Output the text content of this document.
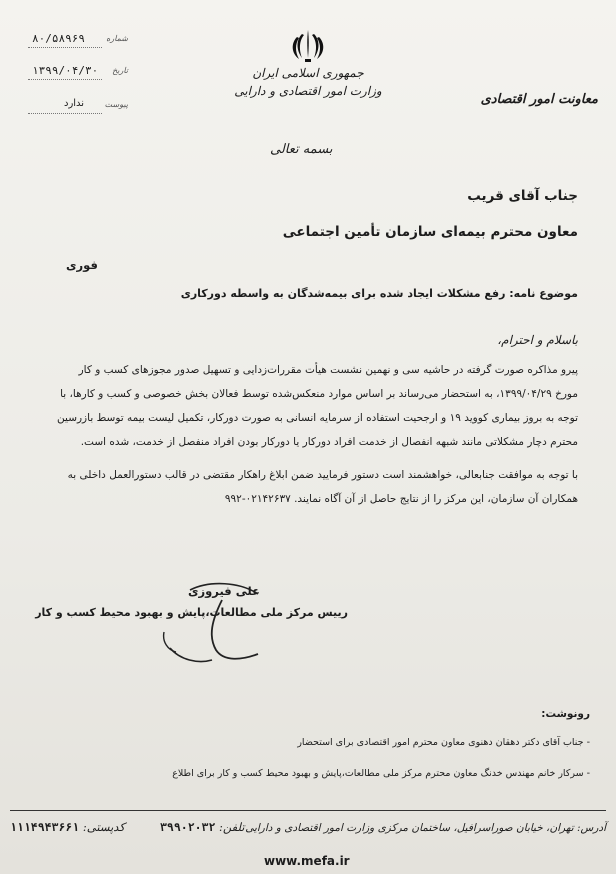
۸۰/۵۸۹۶۹	شماره
۱۳۹۹/۰۴/۳۰ تاریخ
ندارد	پیوست
جمهوری اسلامی ایران
وزارت امور اقتصادی و دارایی
معاونت امور اقتصادی
بسمه تعالی
جناب آقای قریب
معاون محترم بیمه‌ای سازمان تأمین اجتماعی
فوری
موضوع نامه: رفع مشکلات ایجاد شده برای بیمه‌شدگان به واسطه دورکاری
باسلام و احترام،
پیرو مذاکره صورت گرفته در حاشیه سی و نهمین نشست هیأت مقررات‌زدایی و تسهیل صدور مجوزهای کسب و کار
مورخ ۱۳۹۹/۰۴/۲۹، به استحضار می‌رساند بر اساس موارد منعکس‌شده توسط فعالان بخش خصوصی و کسب و کارها، با
توجه به بروز بیماری کووید ۱۹ و ارجحیت استفاده از سرمایه انسانی به صورت دورکار، تکمیل لیست بیمه توسط بازرسین
محترم دچار مشکلاتی مانند شبهه انفصال از خدمت افراد دورکار یا دورکار بودن افراد منفصل از خدمت، شده است.
با توجه به موافقت جنابعالی، خواهشمند است دستور فرمایید ضمن ابلاغ راهکار مقتضی در قالب دستورالعمل داخلی به
همکاران آن سازمان، این مرکز را از نتایج حاصل از آن آگاه نمایند. ۰۲۱۴۲۶۳۷-۹۹۲
علی فیروزی
رییس مرکز ملی مطالعات،پایش و بهبود محیط کسب و کار
رونوشت:
- جناب آقای دکتر دهقان دهنوی معاون محترم امور اقتصادی برای استحضار
- سرکار خانم مهندس خدنگ معاون محترم مرکز ملی مطالعات،پایش و بهبود محیط کسب و کار برای اطلاع
آدرس: تهران، خیابان صوراسرافیل، ساختمان مرکزی وزارت امور اقتصادی و دارایی
تلفن: ۳۹۹۰۲۰۳۲
کدپستی: ۱۱۱۴۹۴۳۶۶۱
www.mefa.ir
